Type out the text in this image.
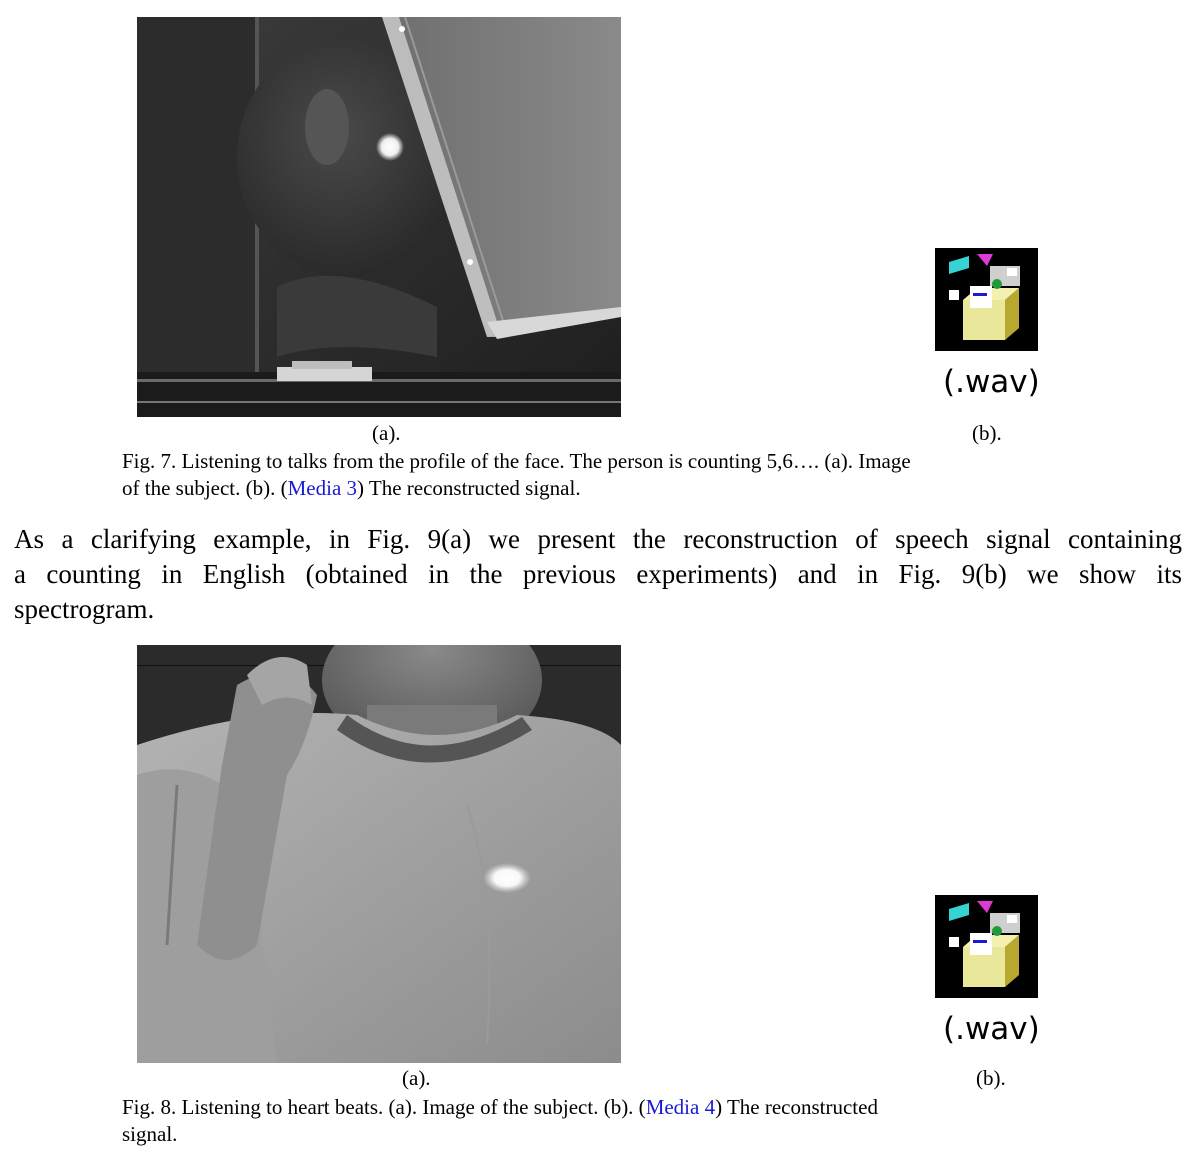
(a).	(b).
(.wav)
Fig. 7. Listening to talks from the profile of the face. The person is counting 5,6…. (a). Image
of the subject. (b). (Media 3) The reconstructed signal.
As a clarifying example, in Fig. 9(a) we present the reconstruction of speech signal containing
a counting in English (obtained in the previous experiments) and in Fig. 9(b) we show its
spectrogram.
(a).	(b).
(.wav)
Fig. 8. Listening to heart beats. (a). Image of the subject. (b). (Media 4) The reconstructed
signal.
